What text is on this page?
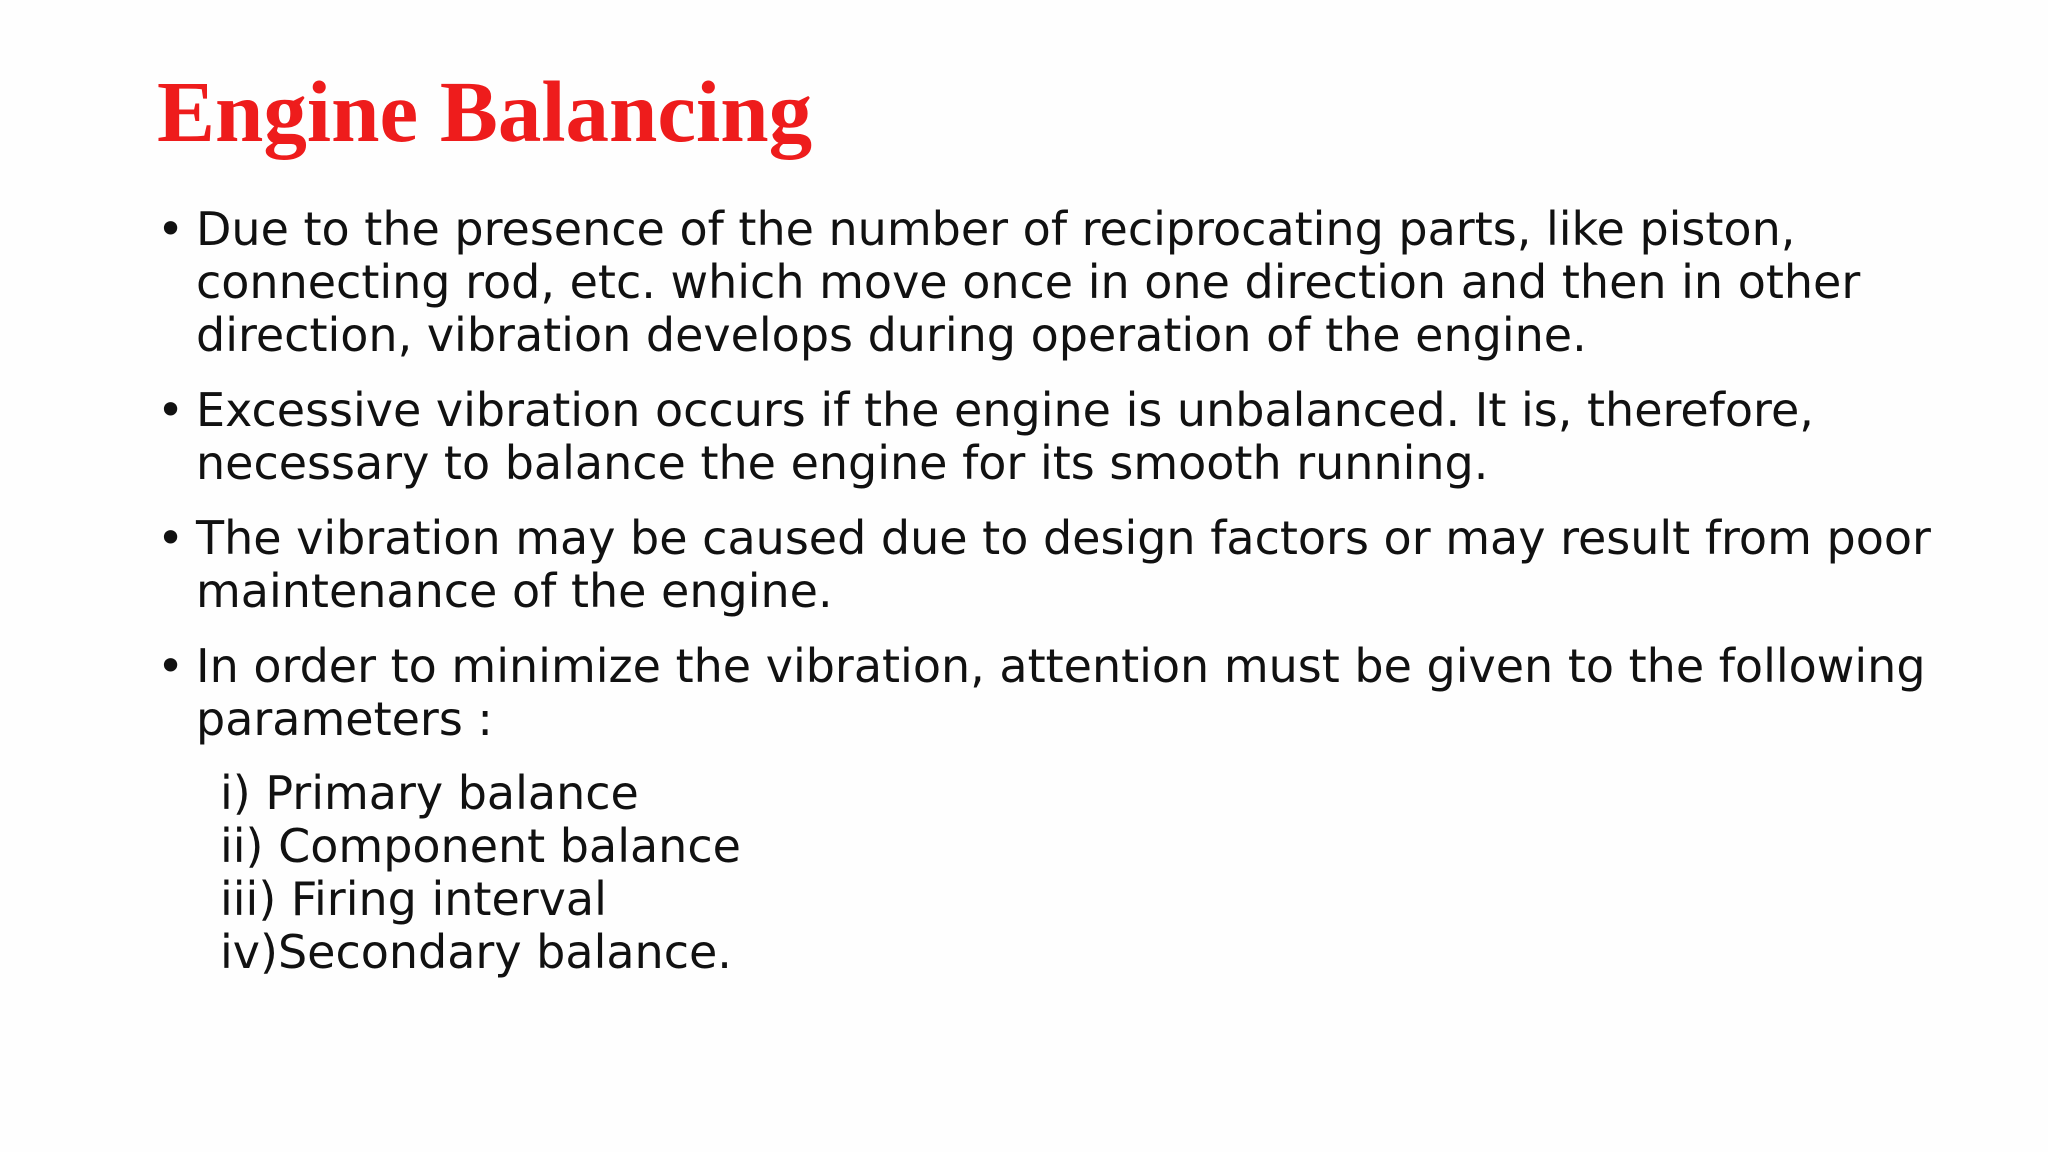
Engine Balancing
• Due to the presence of the number of reciprocating parts, like piston,
connecting rod, etc. which move once in one direction and then in other
direction, vibration develops during operation of the engine.
• Excessive vibration occurs if the engine is unbalanced. It is, therefore,
necessary to balance the engine for its smooth running.
• The vibration may be caused due to design factors or may result from poor
maintenance of the engine.
• In order to minimize the vibration, attention must be given to the following
parameters :
i) Primary balance
ii) Component balance
iii) Firing interval
iv)Secondary balance.
